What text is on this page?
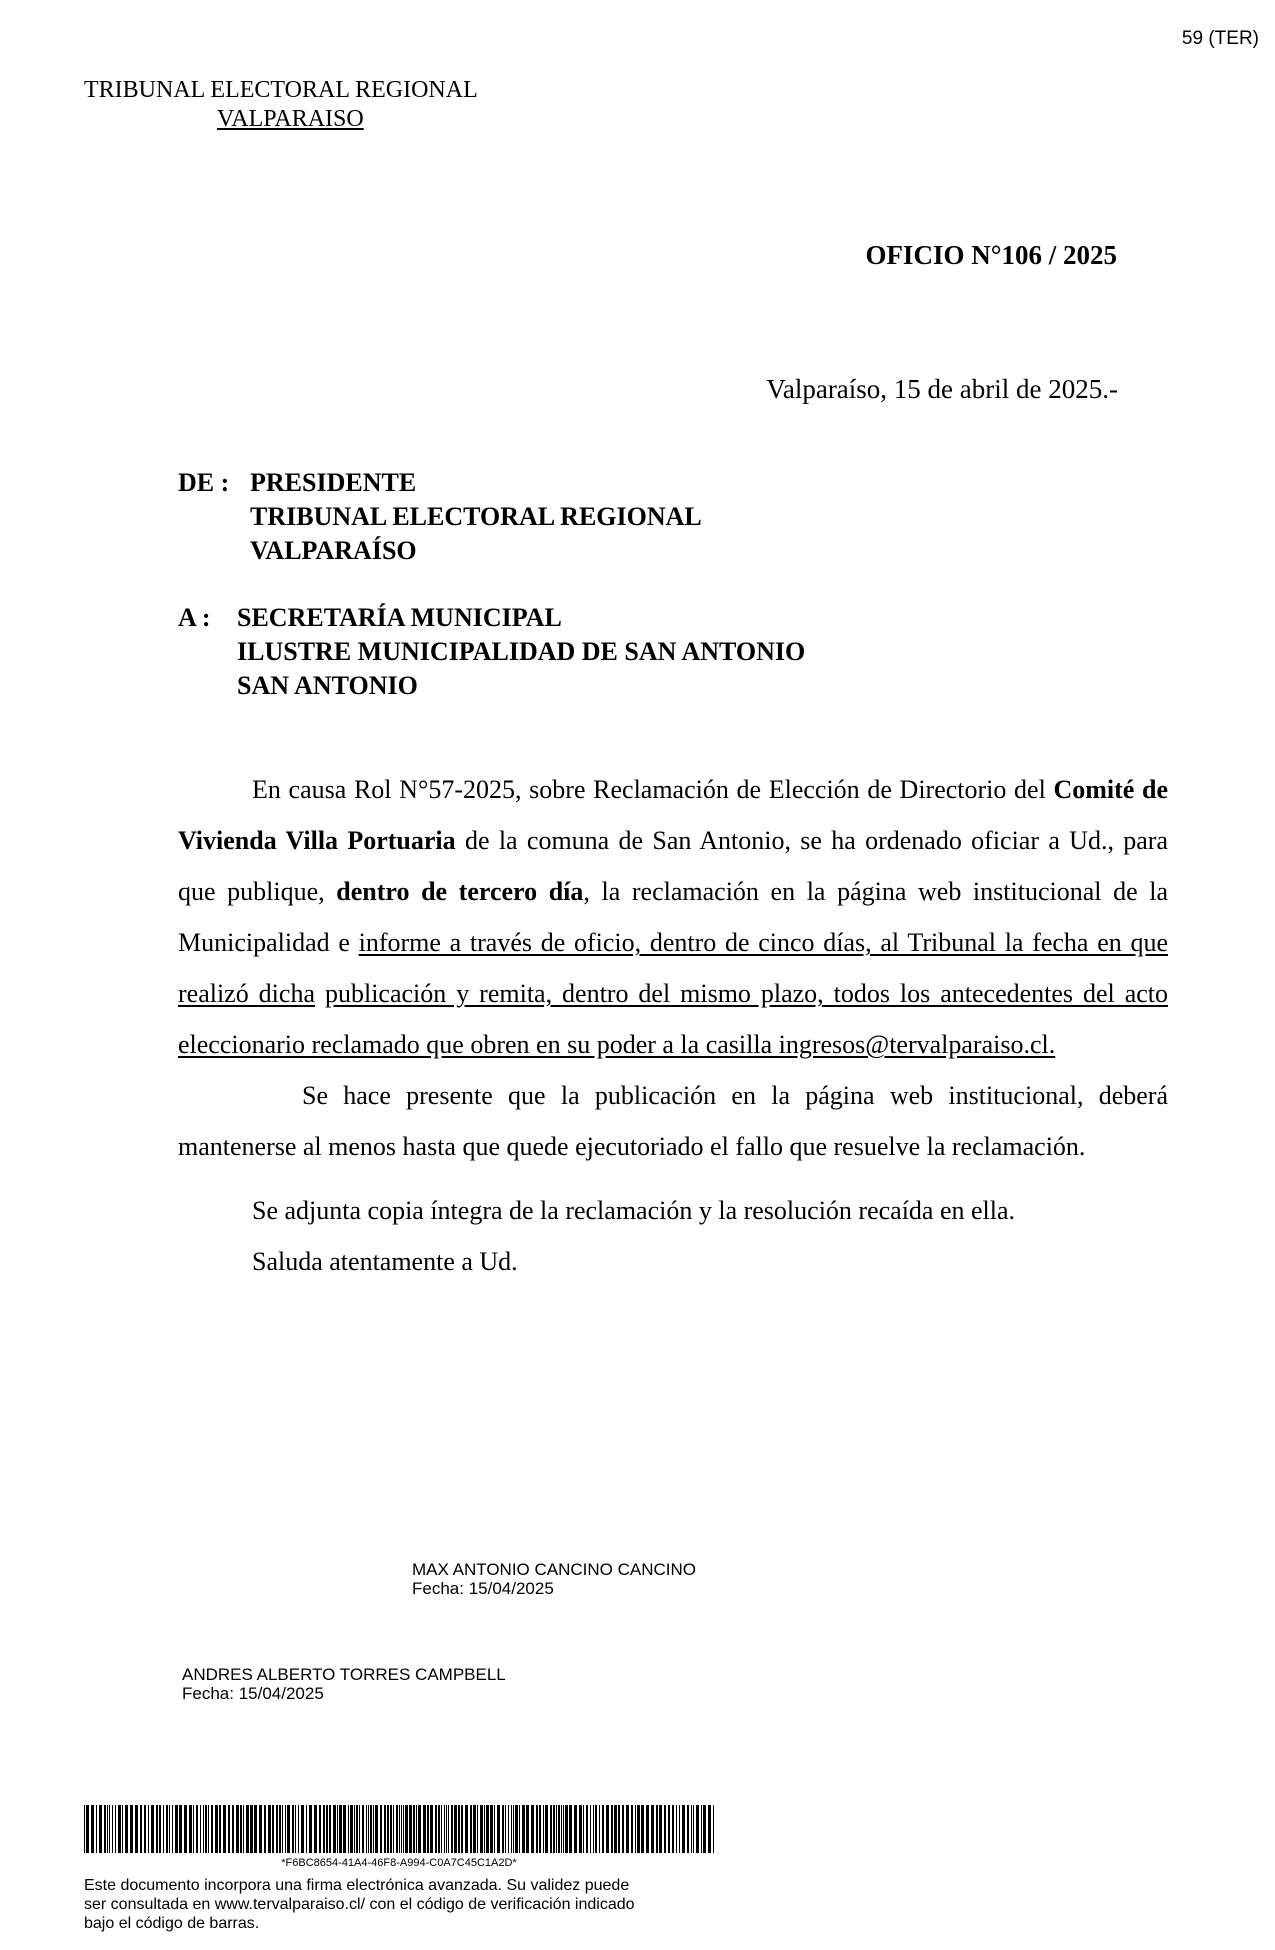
59 (TER)
TRIBUNAL ELECTORAL REGIONAL
VALPARAISO
OFICIO N°106 / 2025
Valparaíso, 15 de abril de 2025.-
DE : PRESIDENTE
TRIBUNAL ELECTORAL REGIONAL
VALPARAÍSO
A : SECRETARÍA MUNICIPAL
ILUSTRE MUNICIPALIDAD DE SAN ANTONIO
SAN ANTONIO

En causa Rol N°57-2025, sobre Reclamación de Elección de Directorio del Comité de Vivienda Villa Portuaria de la comuna de San Antonio, se ha ordenado oficiar a Ud., para que publique, dentro de tercero día, la reclamación en la página web institucional de la Municipalidad e informe a través de oficio, dentro de cinco días, al Tribunal la fecha en que realizó dicha publicación y remita, dentro del mismo plazo, todos los antecedentes del acto eleccionario reclamado que obren en su poder a la casilla ingresos@tervalparaiso.cl.

Se hace presente que la publicación en la página web institucional, deberá mantenerse al menos hasta que quede ejecutoriado el fallo que resuelve la reclamación.

Se adjunta copia íntegra de la reclamación y la resolución recaída en ella.

Saluda atentamente a Ud.

MAX ANTONIO CANCINO CANCINO
Fecha: 15/04/2025
ANDRES ALBERTO TORRES CAMPBELL
Fecha: 15/04/2025
*F6BC8654-41A4-46F8-A994-C0A7C45C1A2D*
Este documento incorpora una firma electrónica avanzada. Su validez puede
ser consultada en www.tervalparaiso.cl/ con el código de verificación indicado
bajo el código de barras.
